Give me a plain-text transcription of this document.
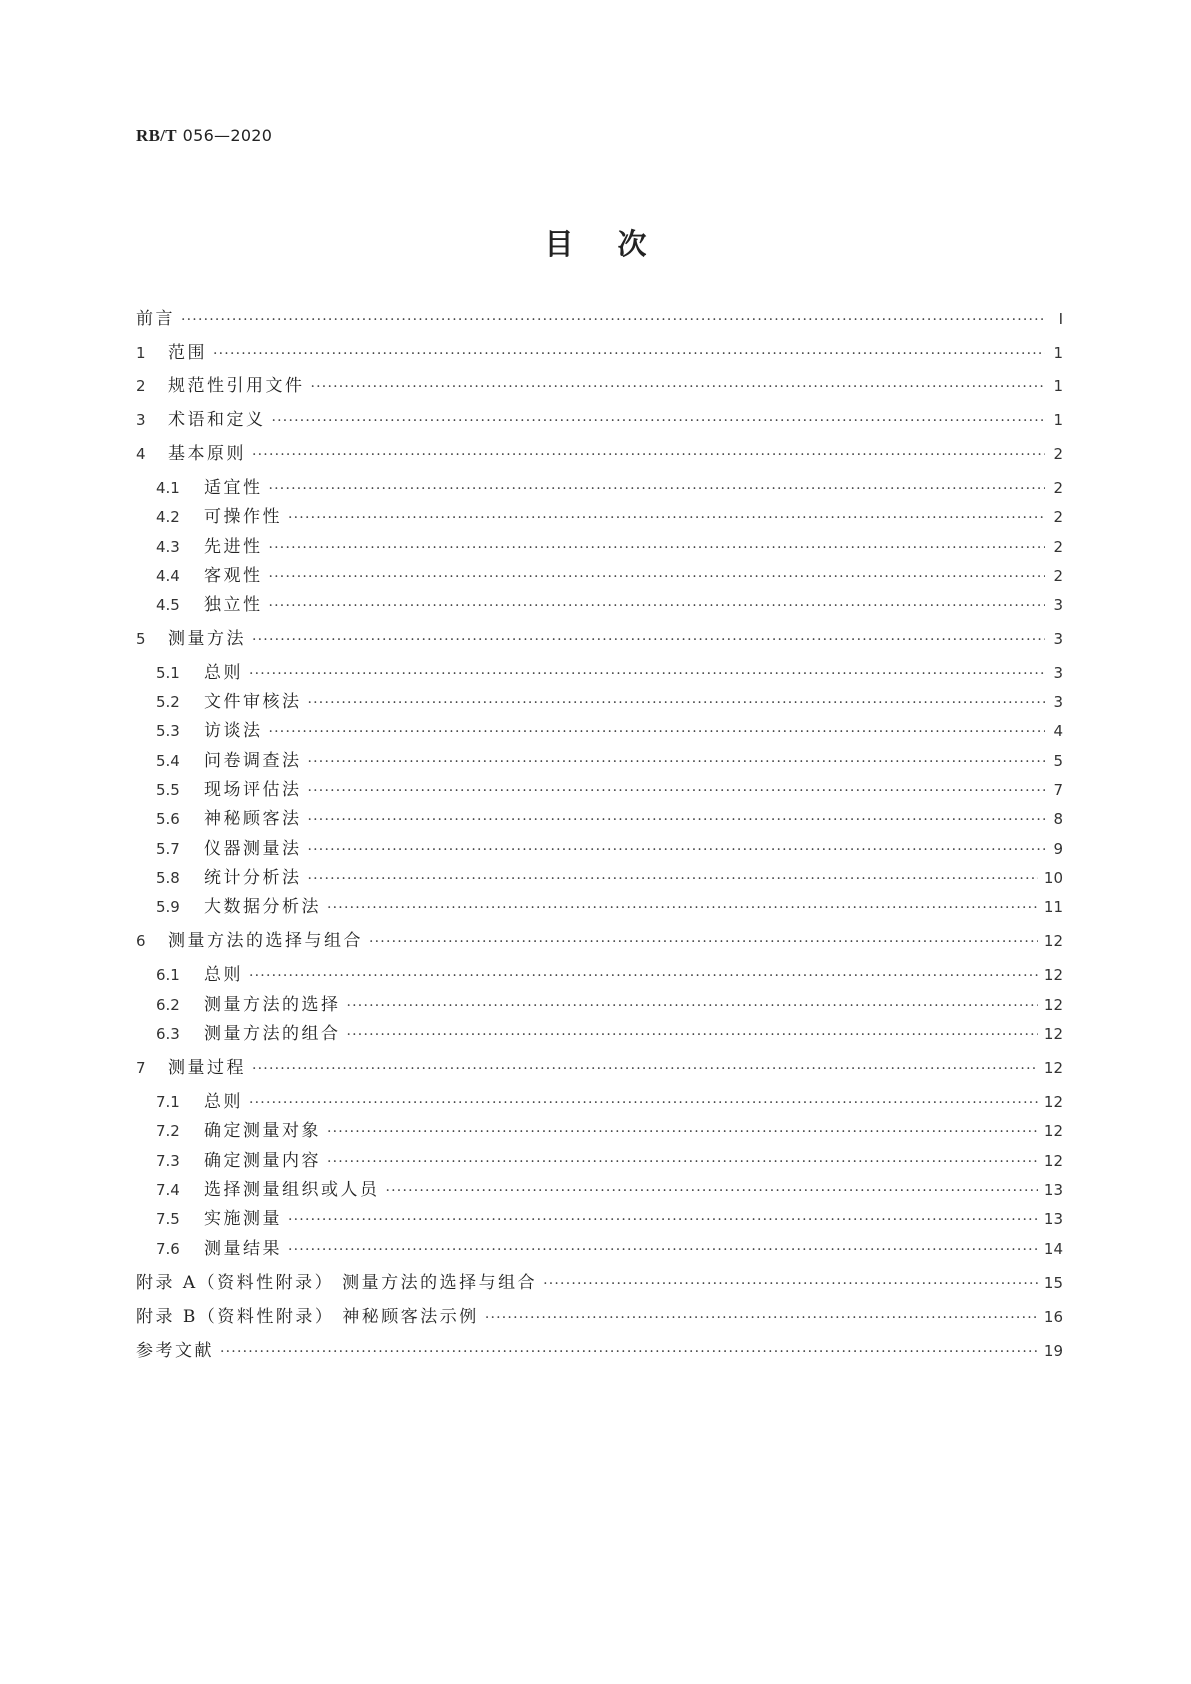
RB/T 056—2020
目次
前言 ·····	Ⅰ
1	范围 ·····	1
2	规范性引用文件 ·····	1
3	术语和定义 ·····	1
4	基本原则 ·····	2
4.1	适宜性 ·····	2
4.2	可操作性 ·····	2
4.3	先进性 ·····	2
4.4	客观性 ·····	2
4.5	独立性 ·····	3
5	测量方法 ·····	3
5.1	总则 ·····	3
5.2	文件审核法 ·····	3
5.3	访谈法 ·····	4
5.4	问卷调查法 ·····	5
5.5	现场评估法 ·····	7
5.6	神秘顾客法 ·····	8
5.7	仪器测量法 ·····	9
5.8	统计分析法 ·····	10
5.9	大数据分析法 ·····	11
6	测量方法的选择与组合 ·····	12
6.1	总则 ·····	12
6.2	测量方法的选择 ·····	12
6.3	测量方法的组合 ·····	12
7	测量过程 ·····	12
7.1	总则 ·····	12
7.2	确定测量对象 ·····	12
7.3	确定测量内容 ·····	12
7.4	选择测量组织或人员 ·····	13
7.5	实施测量 ·····	13
7.6	测量结果 ·····	14
附录 A（资料性附录） 测量方法的选择与组合 ·····	15
附录 B（资料性附录） 神秘顾客法示例 ·····	16
参考文献 ·····	19
